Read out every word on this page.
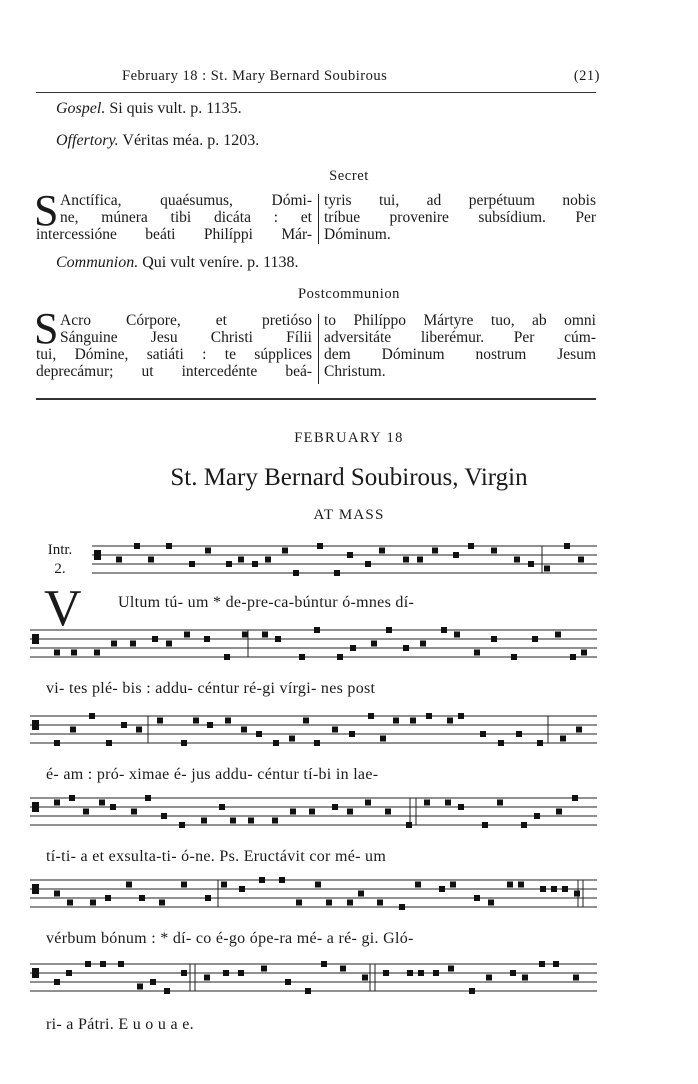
February 18 : St. Mary Bernard Soubirous	(21)
Gospel. Si quis vult. p. 1135.
Offertory. Véritas méa. p. 1203.
Secret
S Anctífica, quaésumus, Dómi-
ne, múnera tibi dicáta : et
intercessióne beáti Philíppi Már-
tyris tui, ad perpétuum nobis
tríbue provenire subsídium. Per
Dóminum.
Communion. Qui vult veníre. p. 1138.
Postcommunion
S Acro Córpore, et pretióso
Sánguine Jesu Christi Fílii
tui, Dómine, satiáti : te súpplices
deprecámur; ut intercedénte beá-
to Philíppo Mártyre tuo, ab omni
adversitáte liberémur. Per cúm-
dem Dóminum nostrum Jesum
Christum.
FEBRUARY 18
St. Mary Bernard Soubirous, Virgin
AT MASS
Intr.
2.
V Ultum tú- um * de-pre-ca-búntur ó-mnes dí-
vi- tes plé- bis : addu- céntur ré-gi vírgi- nes post
é- am : pró- ximae é- jus addu- céntur tí-bi in lae-
tí-ti- a et exsulta-ti- ó-ne. Ps. Eructávit cor mé- um
vérbum bónum : * dí- co é-go ópe-ra mé- a ré- gi. Gló-
ri- a Pátri. E u o u a e.
